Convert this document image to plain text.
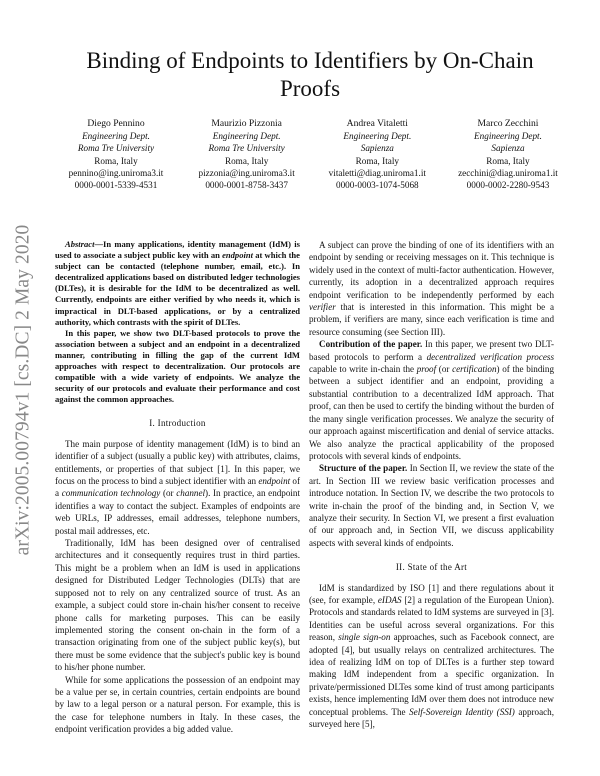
arXiv:2005.00794v1 [cs.DC] 2 May 2020
Binding of Endpoints to Identifiers by On-Chain Proofs
Diego Pennino
Engineering Dept.
Roma Tre University
Roma, Italy
pennino@ing.uniroma3.it
0000-0001-5339-4531
Maurizio Pizzonia
Engineering Dept.
Roma Tre University
Roma, Italy
pizzonia@ing.uniroma3.it
0000-0001-8758-3437
Andrea Vitaletti
Engineering Dept.
Sapienza
Roma, Italy
vitaletti@diag.uniroma1.it
0000-0003-1074-5068
Marco Zecchini
Engineering Dept.
Sapienza
Roma, Italy
zecchini@diag.uniroma1.it
0000-0002-2280-9543

Abstract—In many applications, identity management (IdM) is used to associate a subject public key with an endpoint at which the subject can be contacted (telephone number, email, etc.). In decentralized applications based on distributed ledger technologies (DLTes), it is desirable for the IdM to be decentralized as well. Currently, endpoints are either verified by who needs it, which is impractical in DLT-based applications, or by a centralized authority, which contrasts with the spirit of DLTes.

In this paper, we show two DLT-based protocols to prove the association between a subject and an endpoint in a decentralized manner, contributing in filling the gap of the current IdM approaches with respect to decentralization. Our protocols are compatible with a wide variety of endpoints. We analyze the security of our protocols and evaluate their performance and cost against the common approaches.

I. Introduction

The main purpose of identity management (IdM) is to bind an identifier of a subject (usually a public key) with attributes, claims, entitlements, or properties of that subject [1]. In this paper, we focus on the process to bind a subject identifier with an endpoint of a communication technology (or channel). In practice, an endpoint identifies a way to contact the subject. Examples of endpoints are web URLs, IP addresses, email addresses, telephone numbers, postal mail addresses, etc.

Traditionally, IdM has been designed over of centralised architectures and it consequently requires trust in third parties. This might be a problem when an IdM is used in applications designed for Distributed Ledger Technologies (DLTs) that are supposed not to rely on any centralized source of trust. As an example, a subject could store in-chain his/her consent to receive phone calls for marketing purposes. This can be easily implemented storing the consent on-chain in the form of a transaction originating from one of the subject public key(s), but there must be some evidence that the subject's public key is bound to his/her phone number.

While for some applications the possession of an endpoint may be a value per se, in certain countries, certain endpoints are bound by law to a legal person or a natural person. For example, this is the case for telephone numbers in Italy. In these cases, the endpoint verification provides a big added value.

A subject can prove the binding of one of its identifiers with an endpoint by sending or receiving messages on it. This technique is widely used in the context of multi-factor authentication. However, currently, its adoption in a decentralized approach requires endpoint verification to be independently performed by each verifier that is interested in this information. This might be a problem, if verifiers are many, since each verification is time and resource consuming (see Section III).

Contribution of the paper. In this paper, we present two DLT-based protocols to perform a decentralized verification process capable to write in-chain the proof (or certification) of the binding between a subject identifier and an endpoint, providing a substantial contribution to a decentralized IdM approach. That proof, can then be used to certify the binding without the burden of the many single verification processes. We analyze the security of our approach against miscertification and denial of service attacks. We also analyze the practical applicability of the proposed protocols with several kinds of endpoints.

Structure of the paper. In Section II, we review the state of the art. In Section III we review basic verification processes and introduce notation. In Section IV, we describe the two protocols to write in-chain the proof of the binding and, in Section V, we analyze their security. In Section VI, we present a first evaluation of our approach and, in Section VII, we discuss applicability aspects with several kinds of endpoints.

II. State of the Art

IdM is standardized by ISO [1] and there regulations about it (see, for example, eIDAS [2] a regulation of the European Union). Protocols and standards related to IdM systems are surveyed in [3]. Identities can be useful across several organizations. For this reason, single sign-on approaches, such as Facebook connect, are adopted [4], but usually relays on centralized architectures. The idea of realizing IdM on top of DLTes is a further step toward making IdM independent from a specific organization. In private/permissioned DLTes some kind of trust among participants exists, hence implementing IdM over them does not introduce new conceptual problems. The Self-Sovereign Identity (SSI) approach, surveyed here [5],
